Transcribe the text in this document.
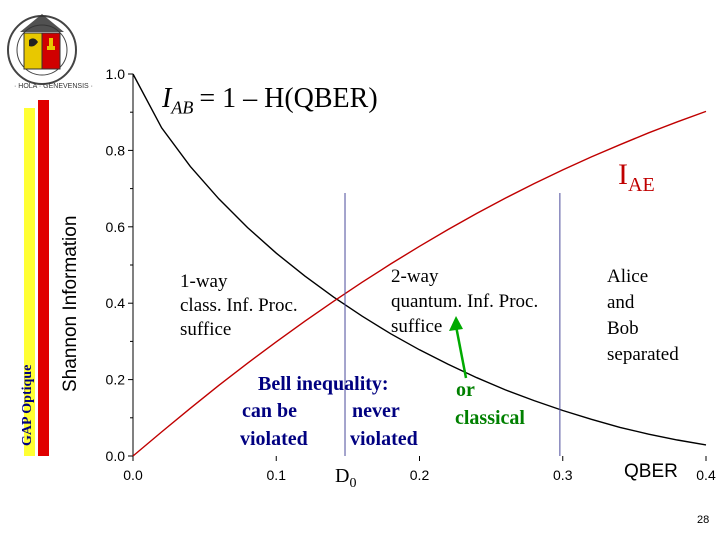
GAP Optique
· HOLA · GENEVENSIS ·
Shannon Information
0.0
0.2
0.4
0.6
0.8
1.0
0.0	0.1	0.2	0.3	0.4
$I_{AB} = 1$ – H(QBER)
$I_{AE}$
1-way
class. Inf. Proc.
suffice
2-way
quantum. Inf. Proc.
suffice
Alice
and
Bob
separated
Bell inequality:
can be	never
violated violated
or
classical
$D_0$
QBER
28
